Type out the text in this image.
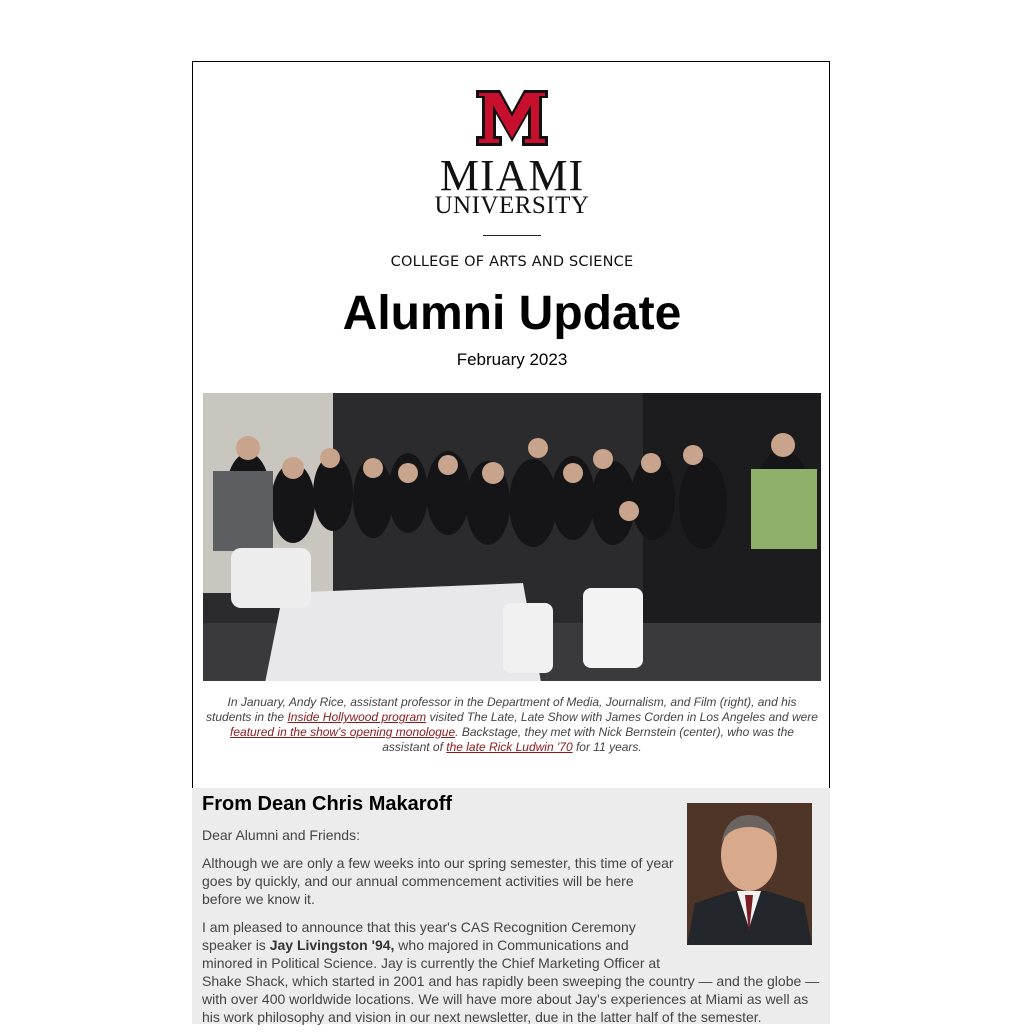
MIAMI
UNIVERSITY
COLLEGE OF ARTS AND SCIENCE
Alumni Update
February 2023
In January, Andy Rice, assistant professor in the Department of Media, Journalism, and Film (right), and his students in the Inside Hollywood program visited The Late, Late Show with James Corden in Los Angeles and were featured in the show's opening monologue. Backstage, they met with Nick Bernstein (center), who was the assistant of the late Rick Ludwin '70 for 11 years.
From Dean Chris Makaroff

Dear Alumni and Friends:

Although we are only a few weeks into our spring semester, this time of year goes by quickly, and our annual commencement activities will be here before we know it.

I am pleased to announce that this year's CAS Recognition Ceremony speaker is Jay Livingston '94, who majored in Communications and minored in Political Science. Jay is currently the Chief Marketing Officer at
Shake Shack, which started in 2001 and has rapidly been sweeping the country — and the globe — with over 400 worldwide locations. We will have more about Jay's experiences at Miami as well as his work philosophy and vision in our next newsletter, due in the latter half of the semester.
